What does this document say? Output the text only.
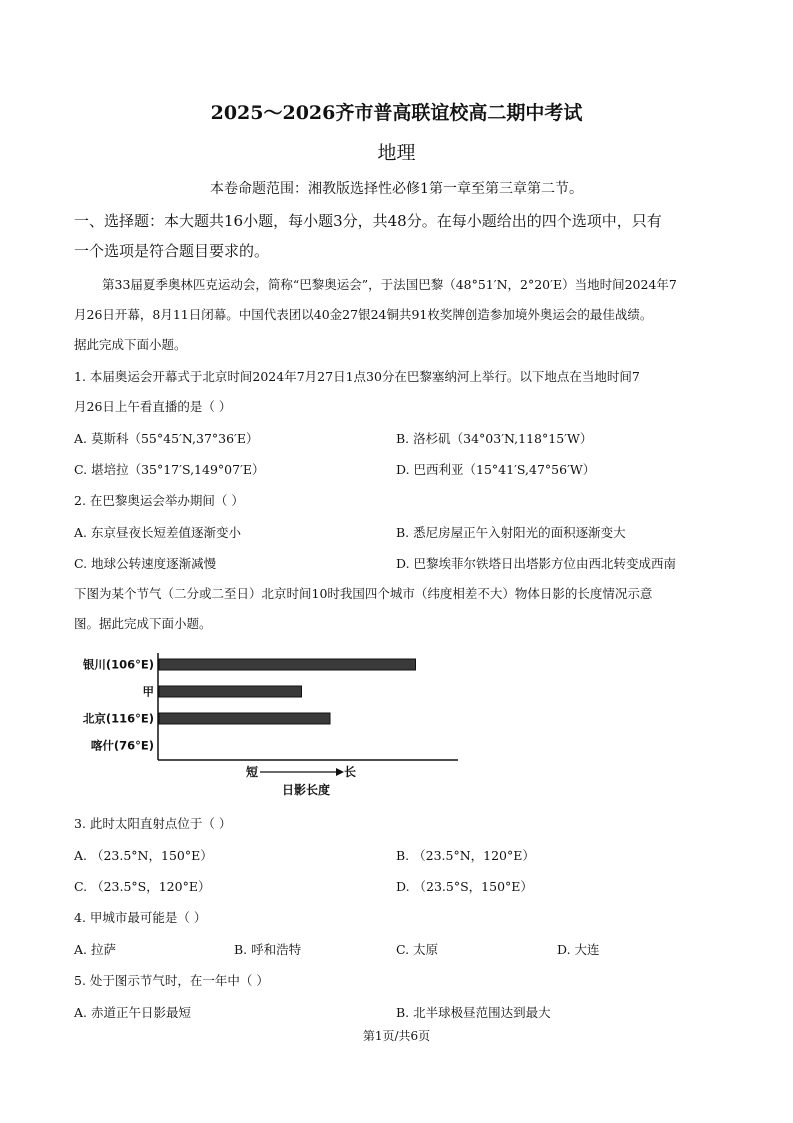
2025～2026齐市普高联谊校高二期中考试
地理
本卷命题范围：湘教版选择性必修1第一章至第三章第二节。
一、选择题：本大题共16小题，每小题3分，共48分。在每小题给出的四个选项中，只有
一个选项是符合题目要求的。
第33届夏季奥林匹克运动会，简称“巴黎奥运会”，于法国巴黎（48°51′N，2°20′E）当地时间2024年7
月26日开幕，8月11日闭幕。中国代表团以40金27银24铜共91枚奖牌创造参加境外奥运会的最佳战绩。
据此完成下面小题。
1. 本届奥运会开幕式于北京时间2024年7月27日1点30分在巴黎塞纳河上举行。以下地点在当地时间7
月26日上午看直播的是（ ）
A. 莫斯科（55°45′N,37°36′E）	B. 洛杉矶（34°03′N,118°15′W）
C. 堪培拉（35°17′S,149°07′E）	D. 巴西利亚（15°41′S,47°56′W）
2. 在巴黎奥运会举办期间（ ）
A. 东京昼夜长短差值逐渐变小	B. 悉尼房屋正午入射阳光的面积逐渐变大
C. 地球公转速度逐渐减慢	D. 巴黎埃菲尔铁塔日出塔影方位由西北转变成西南
下图为某个节气（二分或二至日）北京时间10时我国四个城市（纬度相差不大）物体日影的长度情况示意
图。据此完成下面小题。
银川(106°E)
甲
北京(116°E)
喀什(76°E)
短	长
日影长度
3. 此时太阳直射点位于（ ）
A. （23.5°N，150°E）	B. （23.5°N，120°E）
C. （23.5°S，120°E）	D. （23.5°S，150°E）
4. 甲城市最可能是（ ）
A. 拉萨	B. 呼和浩特	C. 太原	D. 大连
5. 处于图示节气时，在一年中（ ）
A. 赤道正午日影最短	B. 北半球极昼范围达到最大
第1页/共6页
